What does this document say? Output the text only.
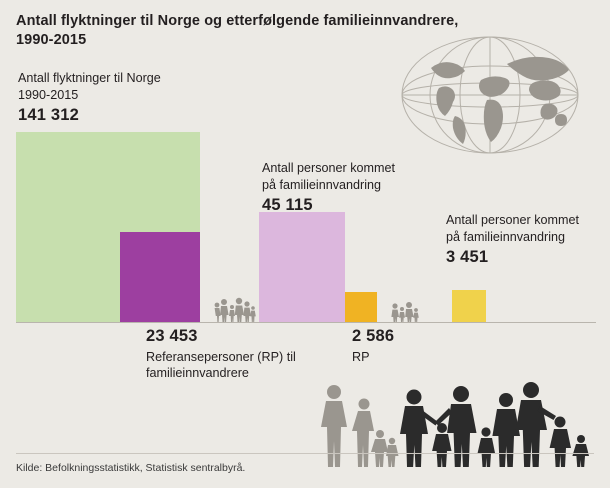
Antall flyktninger til Norge og etterfølgende familieinnvandrere, 1990-2015
Antall flyktninger til Norge 1990-2015
141 312
23 453
Referansepersoner (RP) til familieinnvandrere
Antall personer kommet på familieinnvandring
45 115
2 586
RP
Antall personer kommet på familieinnvandring
3 451
Kilde: Befolkningsstatistikk, Statistisk sentralbyrå.
